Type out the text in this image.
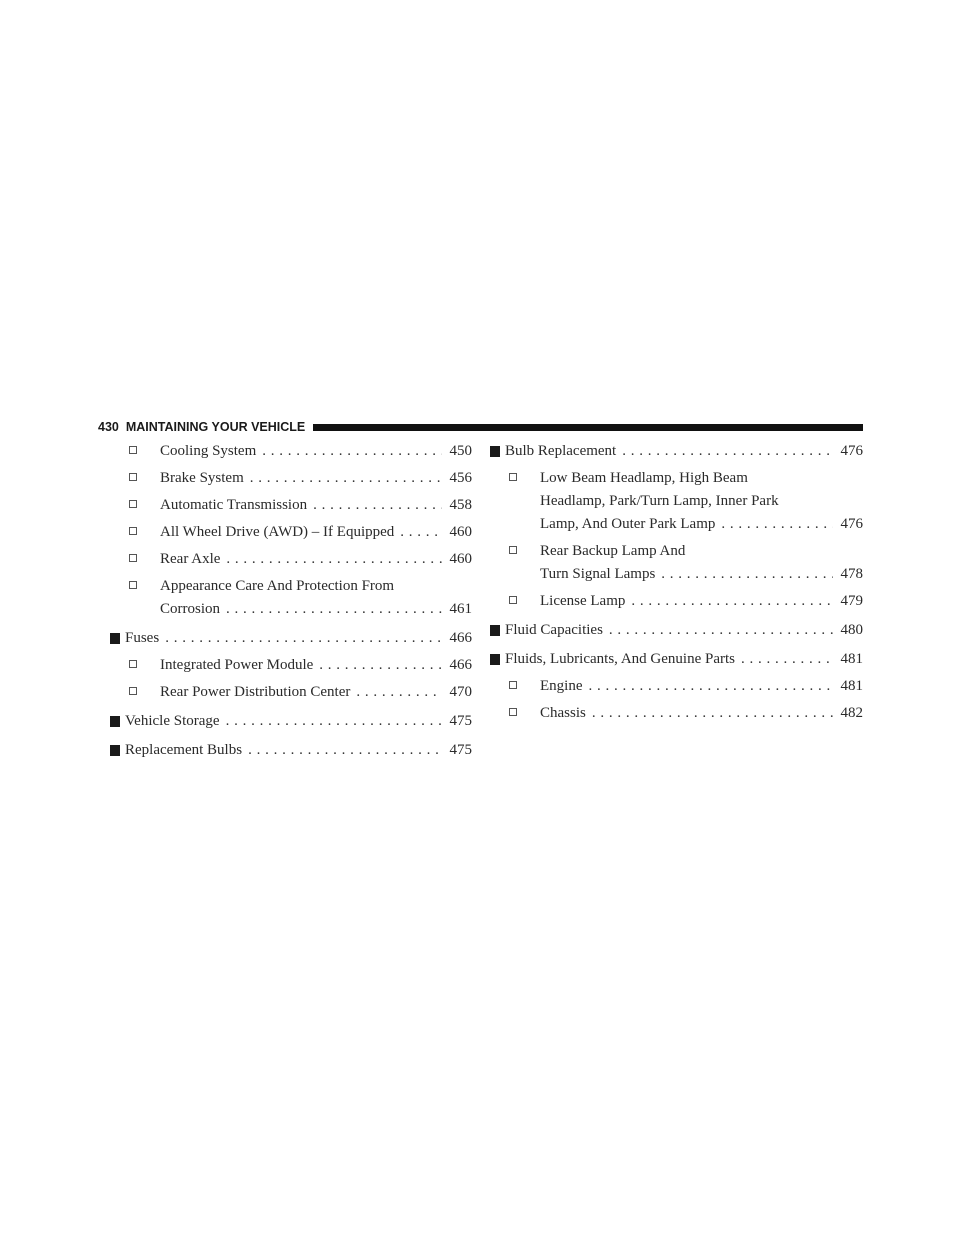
430 MAINTAINING YOUR VEHICLE
Cooling System . . .	450
Brake System . . .	456
Automatic Transmission . . .	458
All Wheel Drive (AWD) – If Equipped . . .	460
Rear Axle . . .	460
Appearance Care And Protection From
Corrosion . . .	461
Fuses . . .	466
Integrated Power Module . . .	466
Rear Power Distribution Center . . .	470
Vehicle Storage . . .	475
Replacement Bulbs . . .	475
Bulb Replacement . . .	476
Low Beam Headlamp, High Beam
Headlamp, Park/Turn Lamp, Inner Park
Lamp, And Outer Park Lamp . . .	476
Rear Backup Lamp And
Turn Signal Lamps . . .	478
License Lamp . . .	479
Fluid Capacities . . .	480
Fluids, Lubricants, And Genuine Parts . . .	481
Engine . . .	481
Chassis . . .	482
